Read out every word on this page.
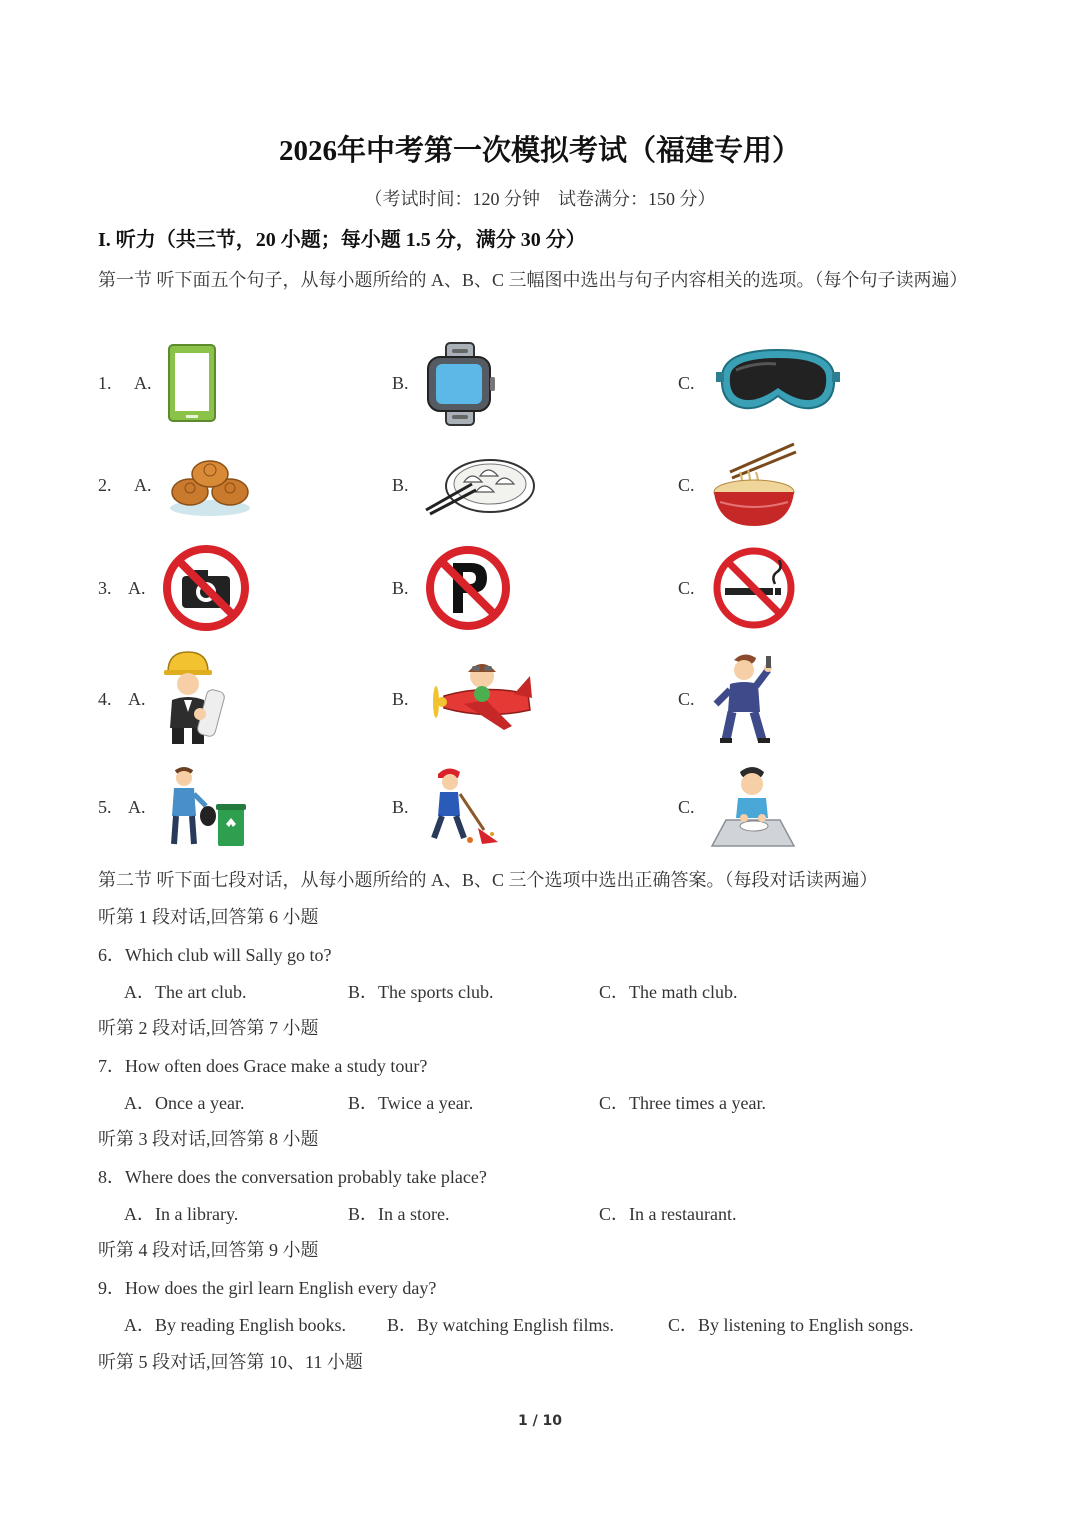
2026年中考第一次模拟考试（福建专用）
（考试时间：120 分钟　试卷满分：150 分）
I. 听力（共三节，20 小题；每小题 1.5 分，满分 30 分）
第一节 听下面五个句子，从每小题所给的 A、B、C 三幅图中选出与句子内容相关的选项。（每个句子读两遍）
1. A.	B.	C.
2. A.	B.	C.
3. A.	B.	C.
4. A.	B.	C.
5. A.	B.	C.
第二节 听下面七段对话，从每小题所给的 A、B、C 三个选项中选出正确答案。（每段对话读两遍）
听第 1 段对话,回答第 6 小题
6．Which club will Sally go to?
A．The art club.	B．The sports club.	C．The math club.
听第 2 段对话,回答第 7 小题
7．How often does Grace make a study tour?
A．Once a year.	B．Twice a year.	C．Three times a year.
听第 3 段对话,回答第 8 小题
8．Where does the conversation probably take place?
A．In a library.	B．In a store.	C．In a restaurant.
听第 4 段对话,回答第 9 小题
9．How does the girl learn English every day?
A．By reading English books. B．By watching English films.	C．By listening to English songs.
听第 5 段对话,回答第 10、11 小题
1 / 10
